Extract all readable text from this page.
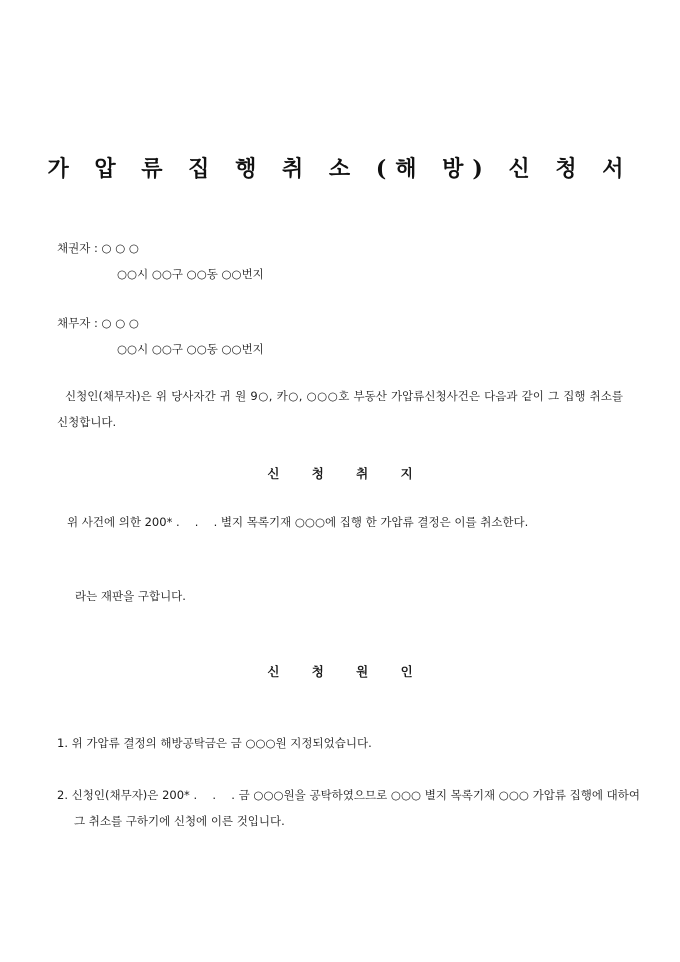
가 압 류 집 행 취 소 (해 방) 신 청 서
채권자 : ○ ○ ○
○○시 ○○구 ○○동 ○○번지
채무자 : ○ ○ ○
○○시 ○○구 ○○동 ○○번지
신청인(채무자)은 위 당사자간 귀 원 9○, 카○, ○○○호 부동산 가압류신청사건은 다음과 같이 그 집행 취소를 신청합니다.
신 청 취 지
위 사건에 의한 200* .　 .　 . 별지 목록기재 ○○○에 집행 한 가압류 결정은 이를 취소한다.
라는 재판을 구합니다.
신 청 원 인
1. 위 가압류 결정의 해방공탁금은 금 ○○○원 지정되었습니다.
2. 신청인(채무자)은 200* .　 .　 . 금 ○○○원을 공탁하였으므로 ○○○ 별지 목록기재 ○○○ 가압류 집행에 대하여 그 취소를 구하기에 신청에 이른 것입니다.
